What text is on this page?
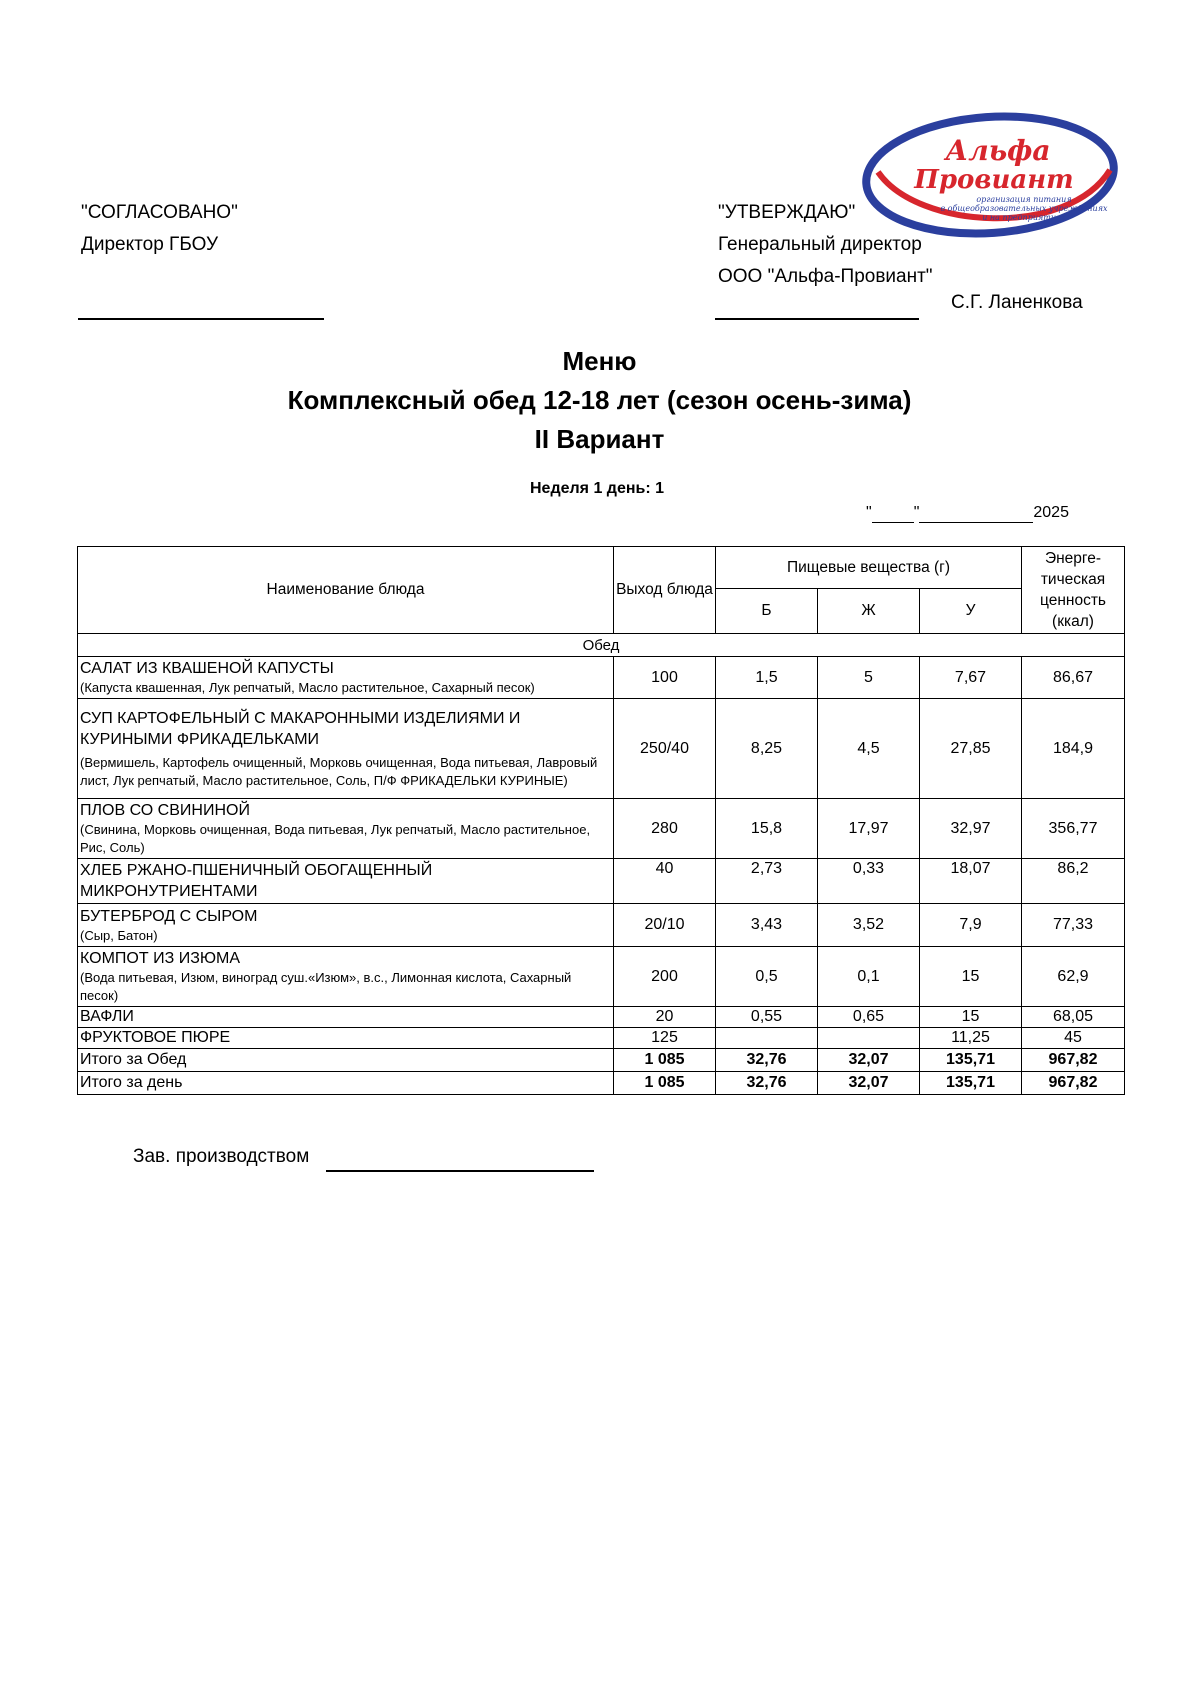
"СОГЛАСОВАНО"
Директор ГБОУ
"УТВЕРЖДАЮ"
Генеральный директор
ООО "Альфа-Провиант"
С.Г. Ланенкова
Альфа
Провиант
организация питания
в общеобразовательных учреждениях
и на предприятиях
Меню
Комплексный обед 12-18 лет (сезон осень-зима)
II Вариант
Неделя 1 день: 1
"	"	2025
Наименование блюда	Выход блюда	Пищевые вещества (г)			Энерге-тическая ценность (ккал)
		Б	Ж	У	
Обед					

САЛАТ ИЗ КВАШЕНОЙ КАПУСТЫ
(Капуста квашенная, Лук репчатый, Масло растительное, Сахарный песок)	100	1,5	5	7,67	86,67

СУП КАРТОФЕЛЬНЫЙ С МАКАРОННЫМИ ИЗДЕЛИЯМИ И КУРИНЫМИ ФРИКАДЕЛЬКАМИ
(Вермишель, Картофель очищенный, Морковь очищенная, Вода питьевая, Лавровый лист, Лук репчатый, Масло растительное, Соль, П/Ф ФРИКАДЕЛЬКИ КУРИНЫЕ)	250/40	8,25	4,5	27,85	184,9

ПЛОВ СО СВИНИНОЙ
(Свинина, Морковь очищенная, Вода питьевая, Лук репчатый, Масло растительное, Рис, Соль)	280	15,8	17,97	32,97	356,77

ХЛЕБ РЖАНО-ПШЕНИЧНЫЙ ОБОГАЩЕННЫЙ МИКРОНУТРИЕНТАМИ	40	2,73	0,33	18,07	86,2

БУТЕРБРОД С СЫРОМ
(Сыр, Батон)	20/10	3,43	3,52	7,9	77,33

КОМПОТ ИЗ ИЗЮМА
(Вода питьевая, Изюм, виноград суш.«Изюм», в.с., Лимонная кислота, Сахарный песок)	200	0,5	0,1	15	62,9

ВАФЛИ	20	0,55	0,65	15	68,05

ФРУКТОВОЕ ПЮРЕ	125			11,25	45
Итого за Обед	1 085	32,76	32,07	135,71	967,82
Итого за день	1 085	32,76	32,07	135,71	967,82
Зав. производством
